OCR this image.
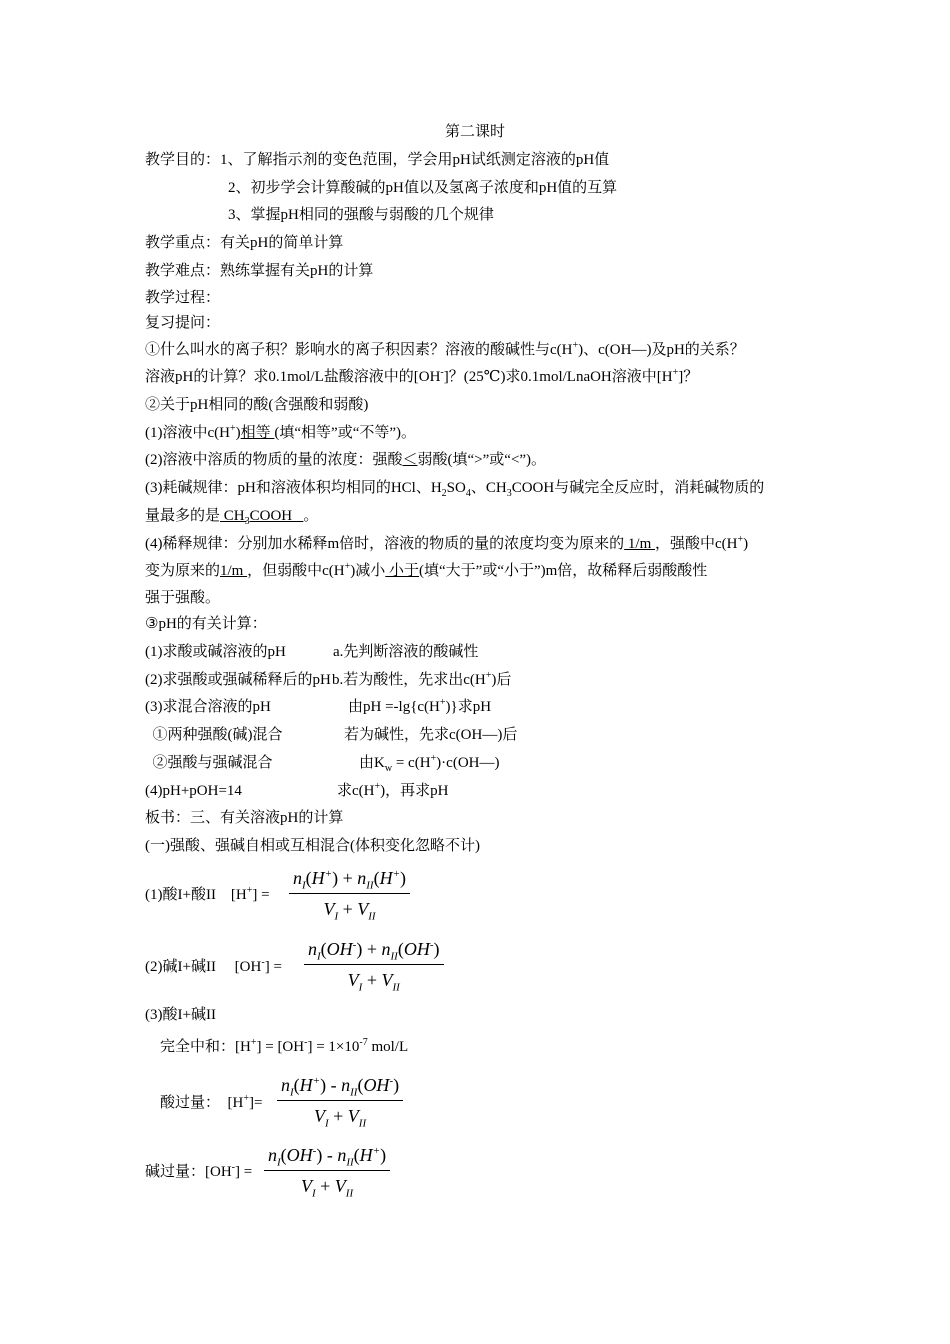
第二课时
教学目的：1、了解指示剂的变色范围，学会用pH试纸测定溶液的pH值
2、初步学会计算酸碱的pH值以及氢离子浓度和pH值的互算
3、掌握pH相同的强酸与弱酸的几个规律
教学重点：有关pH的简单计算
教学难点：熟练掌握有关pH的计算
教学过程：
复习提问：
①什么叫水的离子积？影响水的离子积因素？溶液的酸碱性与c(H+)、c(OH—)及pH的关系？
溶液pH的计算？求0.1mol/L盐酸溶液中的[OH-]？(25℃)求0.1mol/LnaOH溶液中[H+]？
②关于pH相同的酸(含强酸和弱酸)
(1)溶液中c(H+)相等 (填“相等”或“不等”)。
(2)溶液中溶质的物质的量的浓度：强酸＜弱酸(填“>”或“<”)。
(3)耗碱规律：pH和溶液体积均相同的HCl、$H_2SO_4$、$CH_3COOH$与碱完全反应时，消耗碱物质的
量最多的是 $CH_3COOH$   。
(4)稀释规律：分别加水稀释m倍时，溶液的物质的量的浓度均变为原来的 1/m ，强酸中c(H+)
变为原来的1/m ，但弱酸中c(H+)减小 小于(填“大于”或“小于”)m倍，故稀释后弱酸酸性
强于强酸。
③pH的有关计算：
(1)求酸或碱溶液的pH	a.先判断溶液的酸碱性
(2)求强酸或强碱稀释后的pH b.若为酸性，先求出c(H+)后
(3)求混合溶液的pH	由pH =-lg{c(H+)}求pH
①两种强酸(碱)混合	若为碱性，先求c(OH—)后
②强酸与强碱混合	由$K_w$ = c(H+)·c(OH—)
(4)pH+pOH=14	求c(H+)，再求pH
板书：三、有关溶液pH的计算
(一)强酸、强碱自相或互相混合(体积变化忽略不计)
(1)酸I+酸II    [H+] =
$n_I(H^+) + n_{II}(H^+)$
$V_I + V_{II}$
(2)碱I+碱II     [OH-] =
$n_I(OH^-) + n_{II}(OH^-)$
$V_I + V_{II}$
(3)酸I+碱II
完全中和：$[H^+] = [OH^-] = 1\times 10^{-7}$ mol/L
酸过量：  [H+]=
$n_I(H^+) - n_{II}(OH^-)$
$V_I + V_{II}$
碱过量：[OH-] =
$n_I(OH^-) - n_{II}(H^+)$
$V_I + V_{II}$
